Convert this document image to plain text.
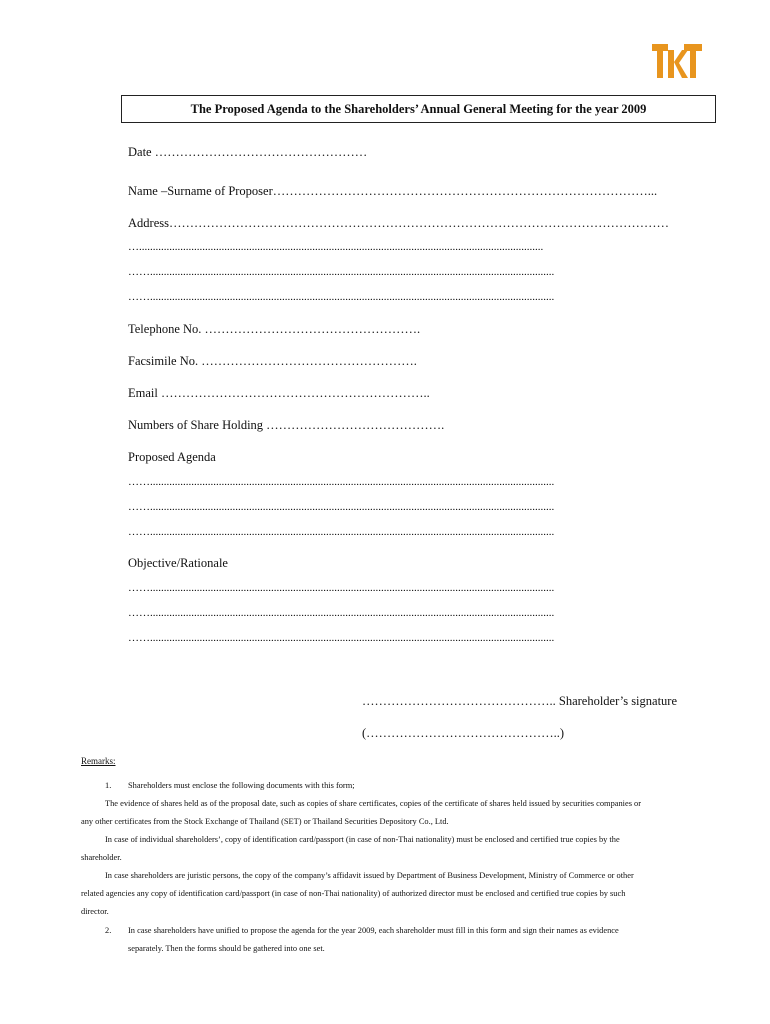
The Proposed Agenda to the Shareholders’ Annual General Meeting for the year 2009
Date ……………………………………………
Name –Surname of Proposer………………………………………………………………………………...
Address…………………………………………………………………………………………………………
…...................................................................................................................................................
……...................................................................................................................................................
……...................................................................................................................................................
Telephone No. …………………………………………….
Facsimile No. …………………………………………….
Email ………………………………………………………..
Numbers of Share Holding …………………………………….
Proposed Agenda
……...................................................................................................................................................
……...................................................................................................................................................
……...................................................................................................................................................
Objective/Rationale
……...................................................................................................................................................
……...................................................................................................................................................
……...................................................................................................................................................
……………………………………….. Shareholder’s signature
(………………………………………..)
Remarks:
1. Shareholders must enclose the following documents with this form;
The evidence of shares held as of the proposal date, such as copies of share certificates, copies of the certificate of shares held issued by securities companies or
any other certificates from the Stock Exchange of Thailand (SET) or Thailand Securities Depository Co., Ltd.
In case of individual shareholders’, copy of identification card/passport (in case of non-Thai nationality) must be enclosed and certified true copies by the
shareholder.
In case shareholders are juristic persons, the copy of the company’s affidavit issued by Department of Business Development, Ministry of Commerce or other
related agencies any copy of identification card/passport (in case of non-Thai nationality) of authorized director must be enclosed and certified true copies by such
director.
2. In case shareholders have unified to propose the agenda for the year 2009, each shareholder must fill in this form and sign their names as evidence
separately. Then the forms should be gathered into one set.
